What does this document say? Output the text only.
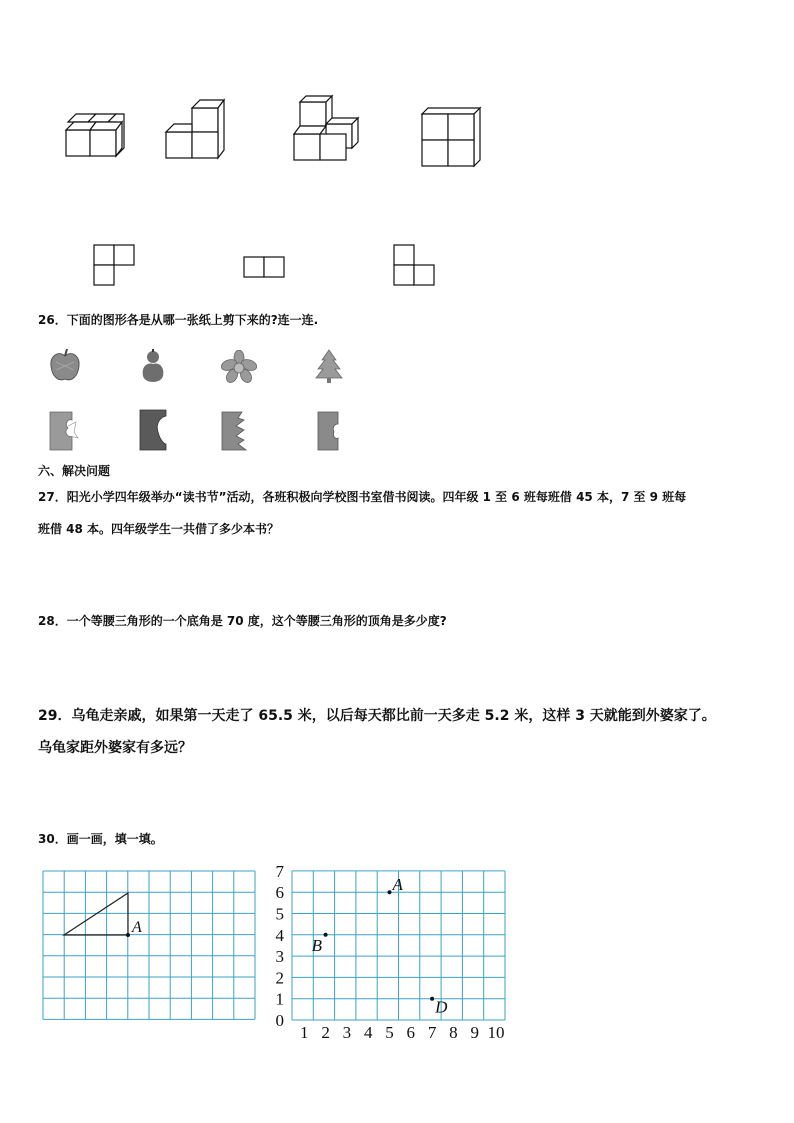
26．下面的图形各是从哪一张纸上剪下来的?连一连.
六、解决问题
27．阳光小学四年级举办“读书节”活动，各班积极向学校图书室借书阅读。四年级 1 至 6 班每班借 45 本，7 至 9 班每
班借 48 本。四年级学生一共借了多少本书？
28．一个等腰三角形的一个底角是 70 度，这个等腰三角形的顶角是多少度?
29．乌龟走亲戚，如果第一天走了 65.5 米，以后每天都比前一天多走 5.2 米，这样 3 天就能到外婆家了。
乌龟家距外婆家有多远？
30．画一画，填一填。
A
0
1
2
3
4
5
6
7
1 2 3 4 5 6 7 8 9 10
A
B
D
